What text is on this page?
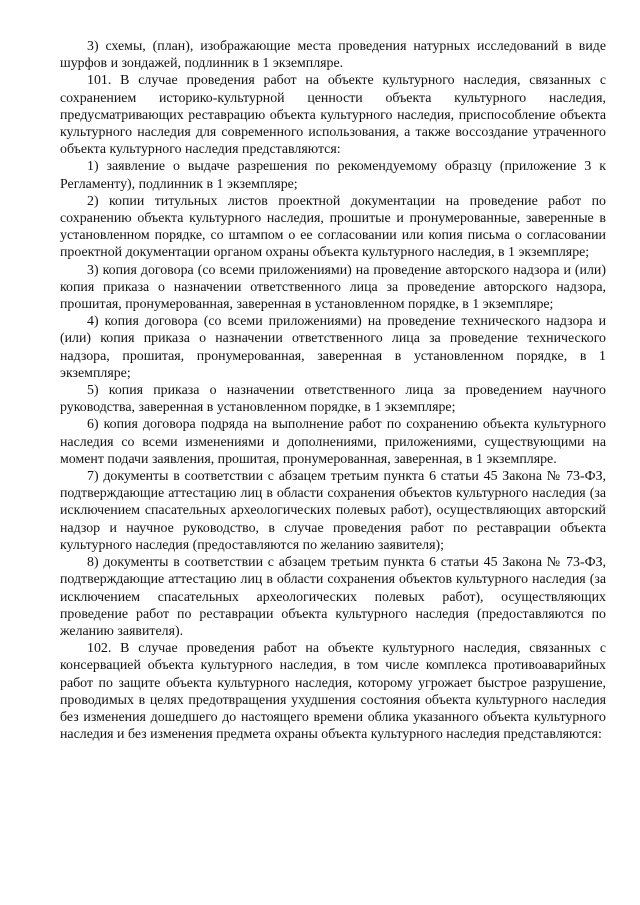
3) схемы, (план), изображающие места проведения натурных исследований в виде шурфов и зондажей, подлинник в 1 экземпляре.

101. В случае проведения работ на объекте культурного наследия, связанных с сохранением историко-культурной ценности объекта культурного наследия, предусматривающих реставрацию объекта культурного наследия, приспособление объекта культурного наследия для современного использования, а также воссоздание утраченного объекта культурного наследия представляются:

1) заявление о выдаче разрешения по рекомендуемому образцу (приложение 3 к Регламенту), подлинник в 1 экземпляре;

2) копии титульных листов проектной документации на проведение работ по сохранению объекта культурного наследия, прошитые и пронумерованные, заверенные в установленном порядке, со штампом о ее согласовании или копия письма о согласовании проектной документации органом охраны объекта культурного наследия, в 1 экземпляре;

3) копия договора (со всеми приложениями) на проведение авторского надзора и (или) копия приказа о назначении ответственного лица за проведение авторского надзора, прошитая, пронумерованная, заверенная в установленном порядке, в 1 экземпляре;

4) копия договора (со всеми приложениями) на проведение технического надзора и (или) копия приказа о назначении ответственного лица за проведение технического надзора, прошитая, пронумерованная, заверенная в установленном порядке, в 1 экземпляре;

5) копия приказа о назначении ответственного лица за проведением научного руководства, заверенная в установленном порядке, в 1 экземпляре;

6) копия договора подряда на выполнение работ по сохранению объекта культурного наследия со всеми изменениями и дополнениями, приложениями, существующими на момент подачи заявления, прошитая, пронумерованная, заверенная, в 1 экземпляре.

7) документы в соответствии с абзацем третьим пункта 6 статьи 45 Закона № 73-ФЗ, подтверждающие аттестацию лиц в области сохранения объектов культурного наследия (за исключением спасательных археологических полевых работ), осуществляющих авторский надзор и научное руководство, в случае проведения работ по реставрации объекта культурного наследия (предоставляются по желанию заявителя);

8) документы в соответствии с абзацем третьим пункта 6 статьи 45 Закона № 73-ФЗ, подтверждающие аттестацию лиц в области сохранения объектов культурного наследия (за исключением спасательных археологических полевых работ), осуществляющих проведение работ по реставрации объекта культурного наследия (предоставляются по желанию заявителя).

102. В случае проведения работ на объекте культурного наследия, связанных с консервацией объекта культурного наследия, в том числе комплекса противоаварийных работ по защите объекта культурного наследия, которому угрожает быстрое разрушение, проводимых в целях предотвращения ухудшения состояния объекта культурного наследия без изменения дошедшего до настоящего времени облика указанного объекта культурного наследия и без изменения предмета охраны объекта культурного наследия представляются:
